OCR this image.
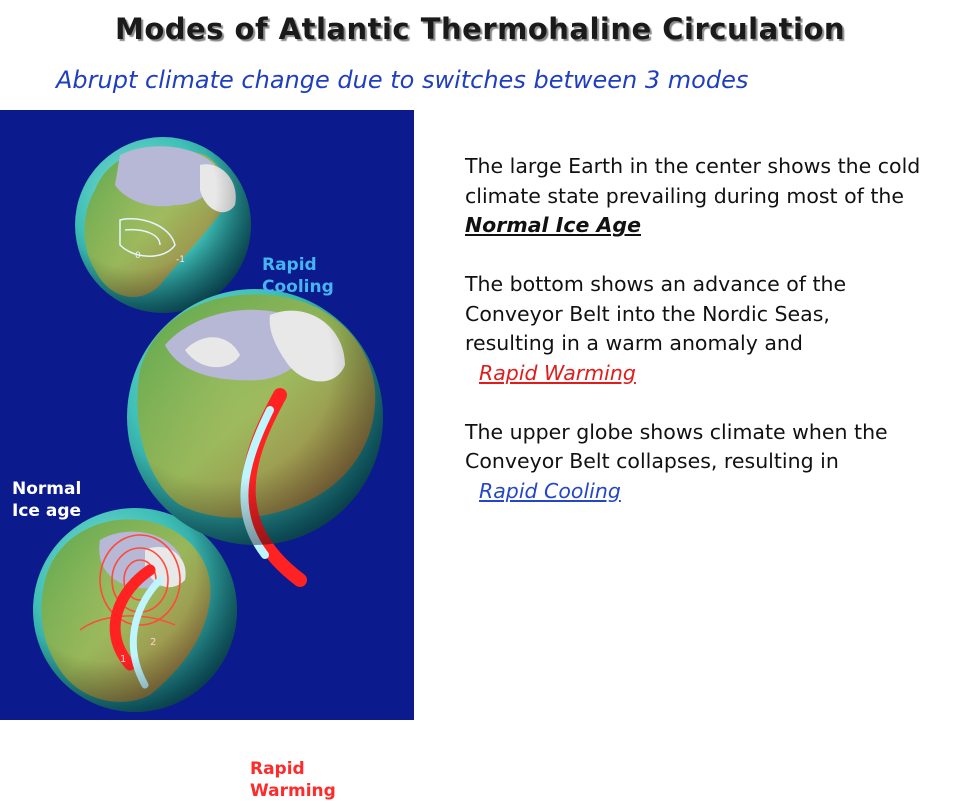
Modes of Atlantic Thermohaline Circulation

Abrupt climate change due to switches between 3 modes

0	-1
2
1
Rapid
Cooling
Normal
Ice age
Rapid
Warming

The large Earth in the center shows the cold climate state prevailing during most of the
Normal Ice Age

The bottom shows an advance of the Conveyor Belt into the Nordic Seas, resulting in a warm anomaly and
Rapid Warming

The upper globe shows climate when the Conveyor Belt collapses, resulting in
Rapid Cooling
